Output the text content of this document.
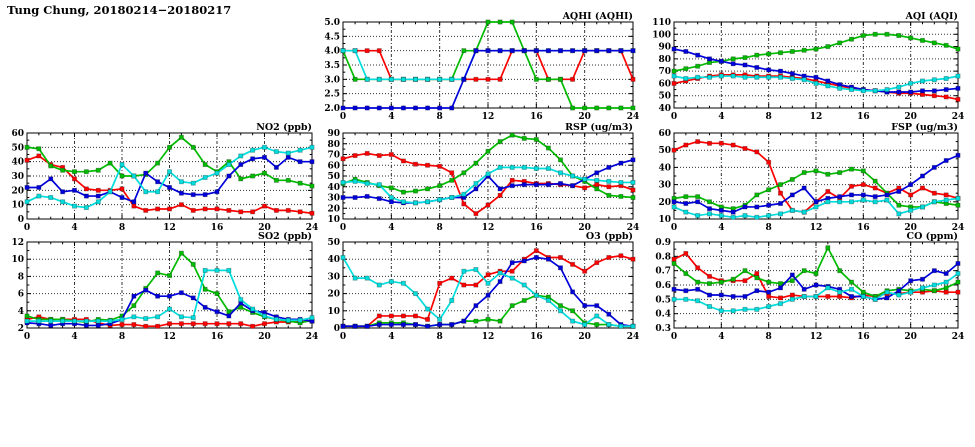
Tung Chung, 20180214−20180217	AQHI (AQHI)
0	4	8	12	16	20	24
2.0
2.5
3.0
3.5
4.0
4.5
5.0
AQI (AQI)
0	4	8	12	16	20	24
40
50
60
70
80
90
100
110
NO2 (ppb)
0	4	8	12	16	20	24
0
10
20
30
40
50
60
RSP (ug/m3)
0	4	8	12	16	20	24
10
20
30
40
50
60
70
80
90
FSP (ug/m3)
0	4	8	12	16	20	24
10
20
30
40
50
60
SO2 (ppb)
0	4	8	12	16	20	24
2
4
6
8
10
12
O3 (ppb)
0	4	8	12	16	20	24
0
10
20
30
40
50
CO (ppm)
0	4	8	12	16	20	24
0.3
0.4
0.5
0.6
0.7
0.8
0.9
